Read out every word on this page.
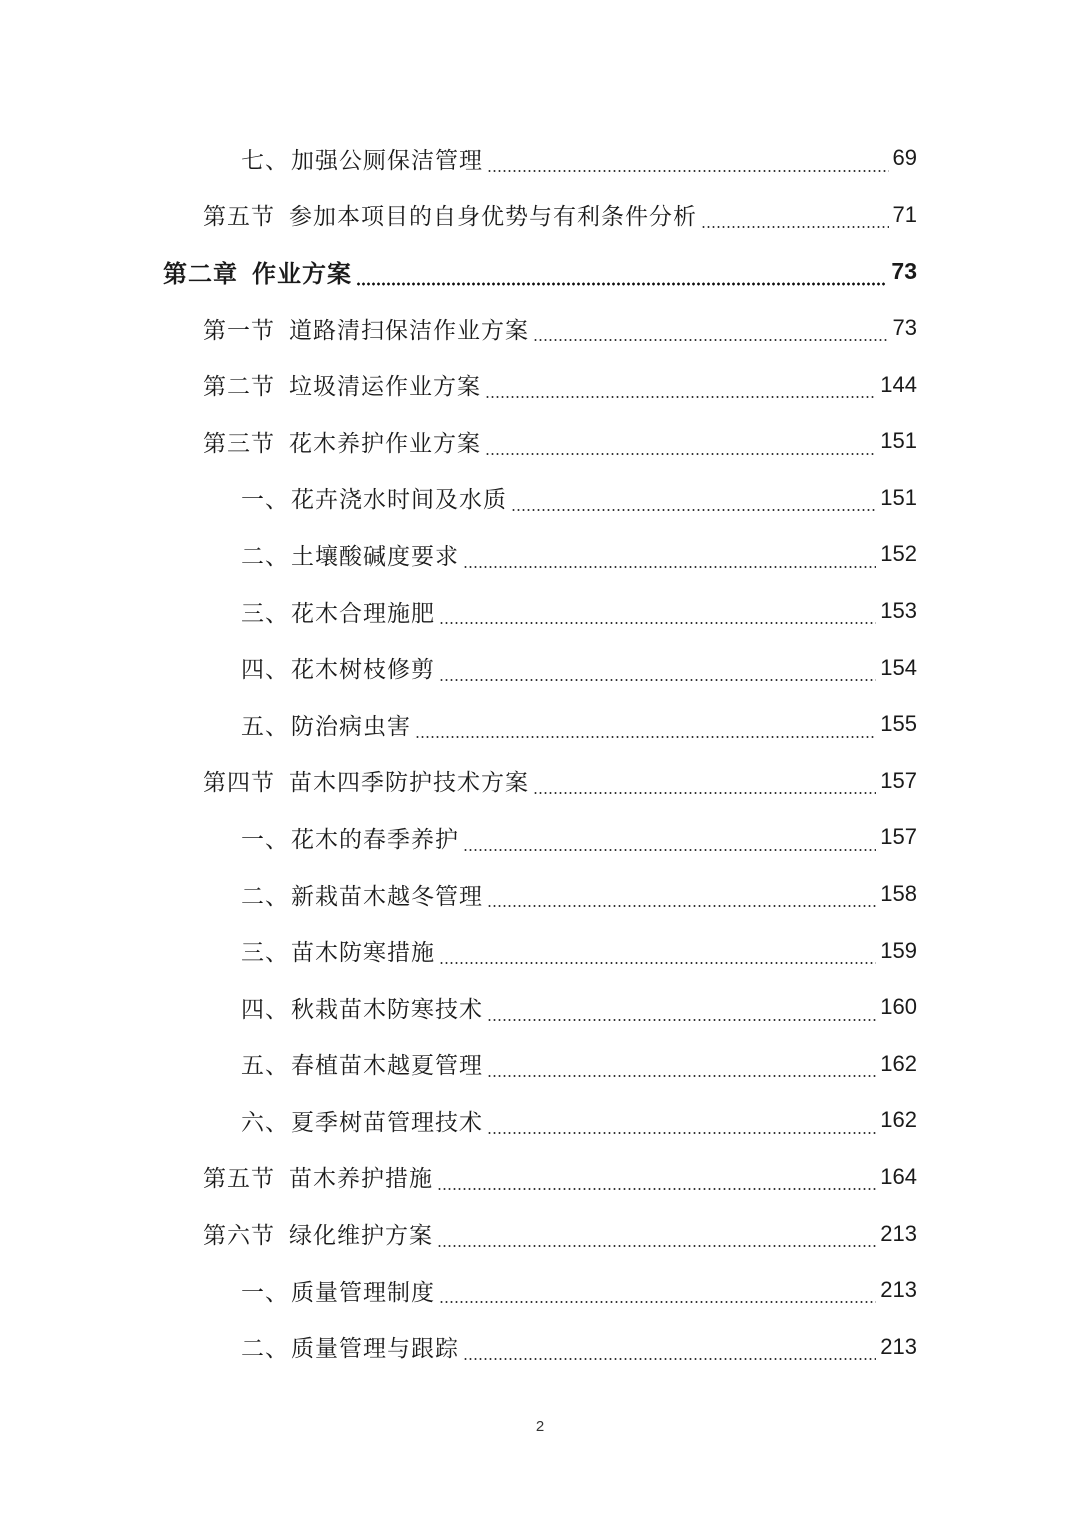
七、加强公厕保洁管理	69
第五节 参加本项目的自身优势与有利条件分析	71
第二章 作业方案	73
第一节 道路清扫保洁作业方案	73
第二节 垃圾清运作业方案	144
第三节 花木养护作业方案	151
一、花卉浇水时间及水质	151
二、土壤酸碱度要求	152
三、花木合理施肥	153
四、花木树枝修剪	154
五、防治病虫害	155
第四节 苗木四季防护技术方案	157
一、花木的春季养护	157
二、新栽苗木越冬管理	158
三、苗木防寒措施	159
四、秋栽苗木防寒技术	160
五、春植苗木越夏管理	162
六、夏季树苗管理技术	162
第五节 苗木养护措施	164
第六节 绿化维护方案	213
一、质量管理制度	213
二、质量管理与跟踪	213
2
